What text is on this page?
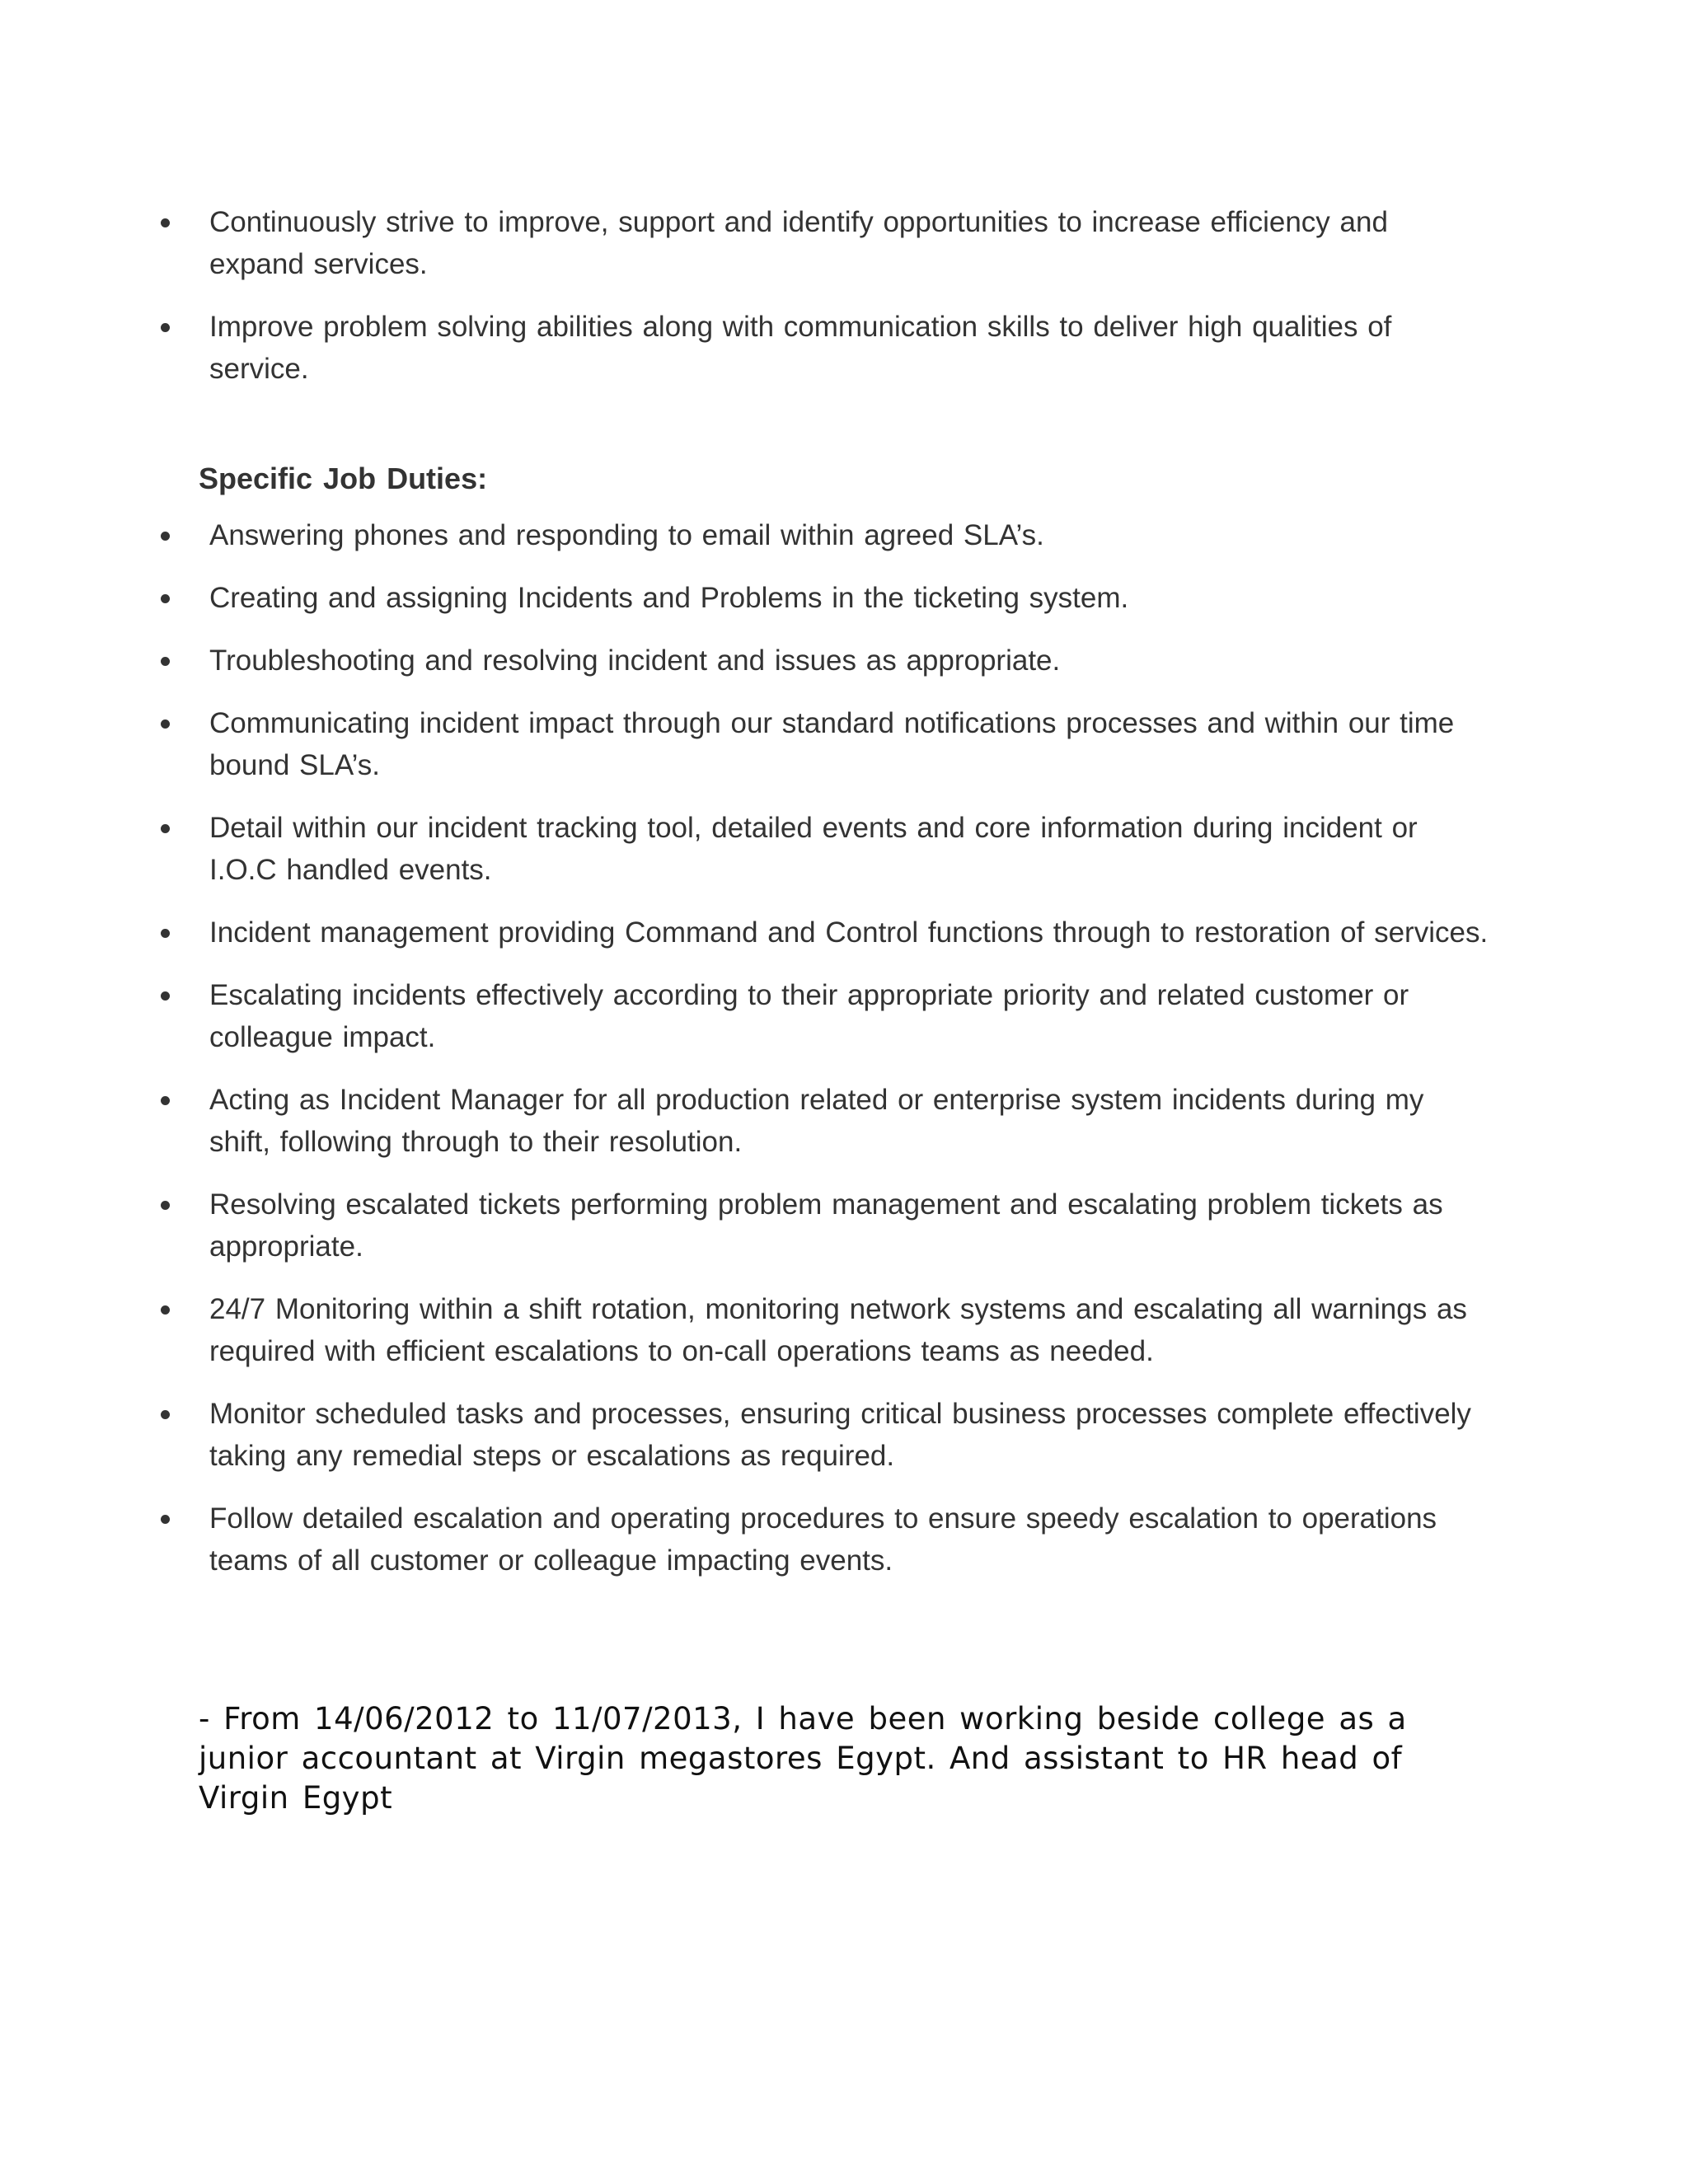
Continuously strive to improve, support and identify opportunities to increase efficiency and expand services.
Improve problem solving abilities along with communication skills to deliver high qualities of service.
Specific Job Duties:
Answering phones and responding to email within agreed SLA’s.
Creating and assigning Incidents and Problems in the ticketing system.
Troubleshooting and resolving incident and issues as appropriate.
Communicating incident impact through our standard notifications processes and within our time bound SLA’s.
Detail within our incident tracking tool, detailed events and core information during incident or I.O.C handled events.
Incident management providing Command and Control functions through to restoration of services.
Escalating incidents effectively according to their appropriate priority and related customer or colleague impact.
Acting as Incident Manager for all production related or enterprise system incidents during my shift, following through to their resolution.
Resolving escalated tickets performing problem management and escalating problem tickets as appropriate.
24/7 Monitoring within a shift rotation, monitoring network systems and escalating all warnings as required with efficient escalations to on-call operations teams as needed.
Monitor scheduled tasks and processes, ensuring critical business processes complete effectively taking any remedial steps or escalations as required.
Follow detailed escalation and operating procedures to ensure speedy escalation to operations teams of all customer or colleague impacting events.

- From 14/06/2012 to 11/07/2013, I have been working beside college as a junior accountant at Virgin megastores Egypt. And assistant to HR head of Virgin Egypt
